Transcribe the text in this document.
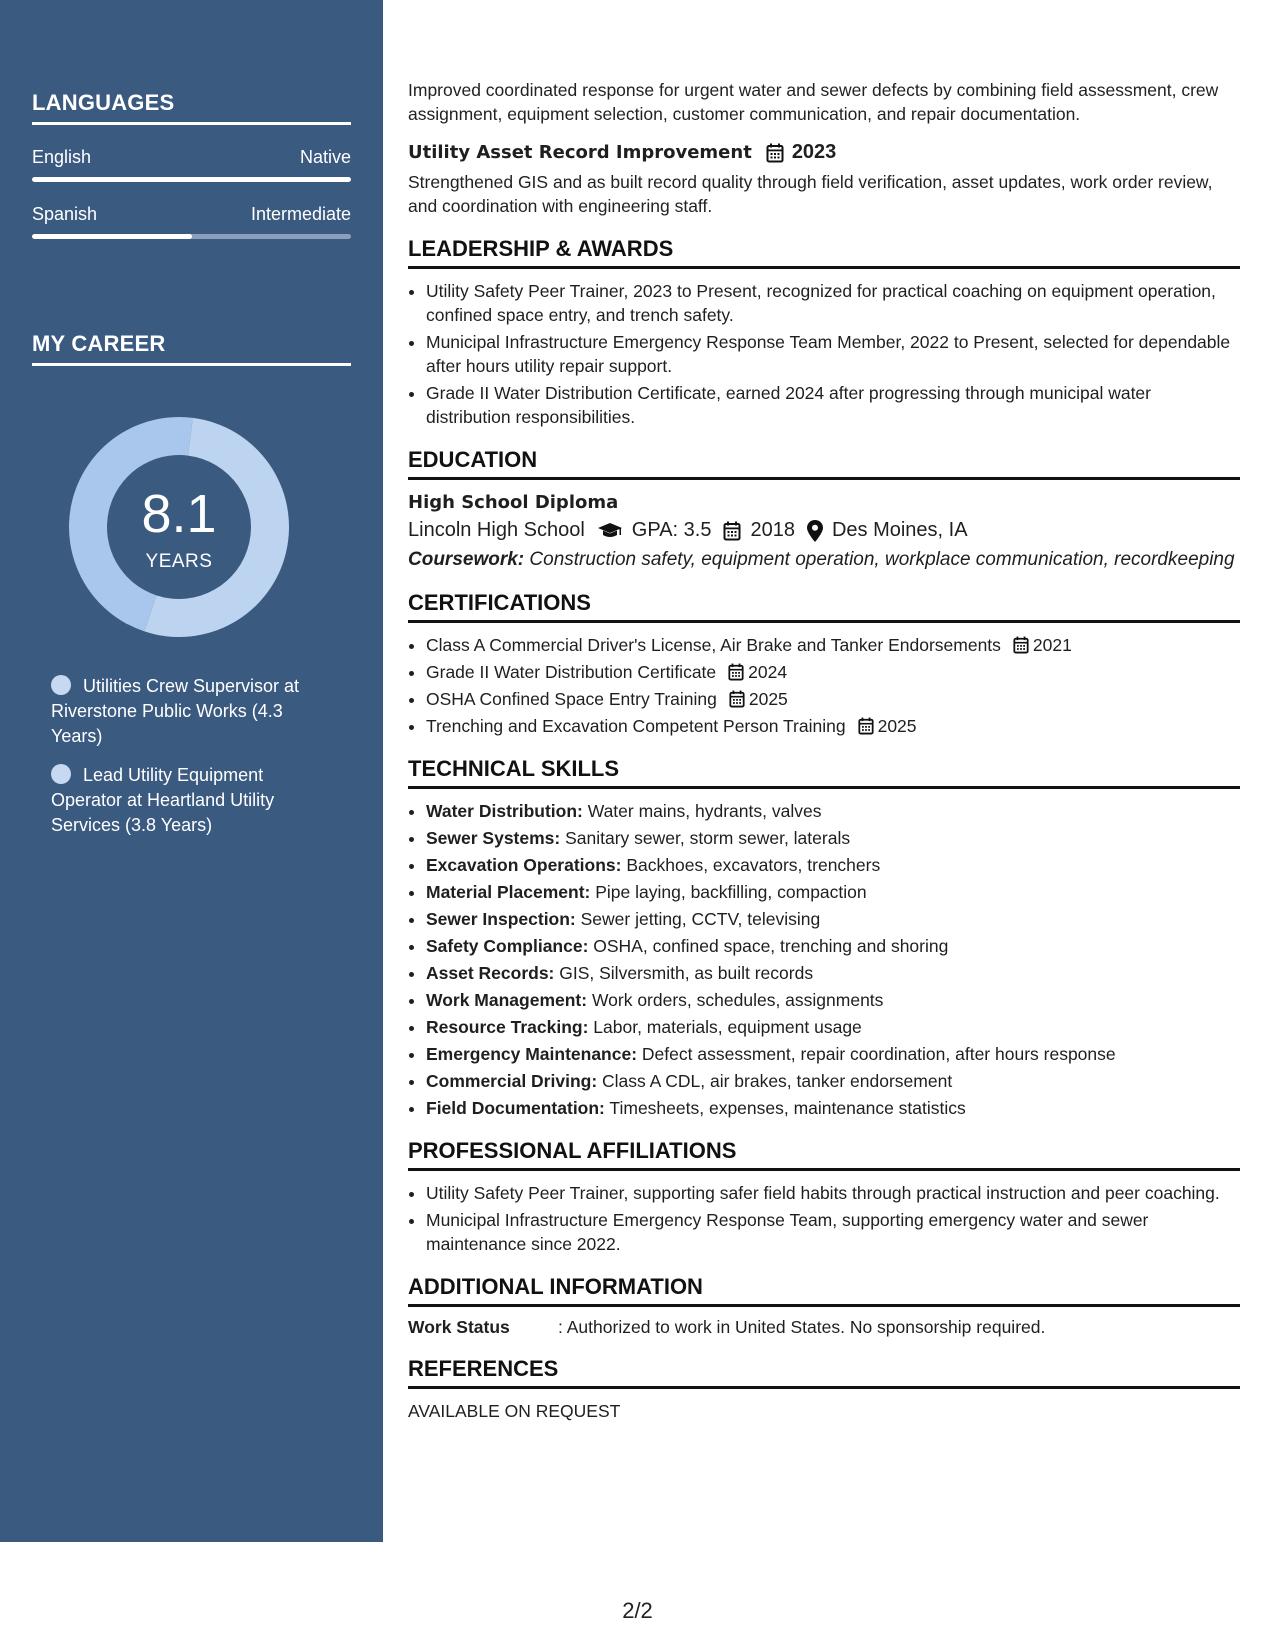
LANGUAGES
English	Native
Spanish	Intermediate
MY CAREER
8.1
YEARS
Utilities Crew Supervisor at Riverstone Public Works (4.3 Years)
Lead Utility Equipment Operator at Heartland Utility Services (3.8 Years)

Improved coordinated response for urgent water and sewer defects by combining field assessment, crew assignment, equipment selection, customer communication, and repair documentation.

Utility Asset Record Improvement 2023

Strengthened GIS and as built record quality through field verification, asset updates, work order review, and coordination with engineering staff.

LEADERSHIP & AWARDS
• Utility Safety Peer Trainer, 2023 to Present, recognized for practical coaching on equipment operation, confined space entry, and trench safety.
• Municipal Infrastructure Emergency Response Team Member, 2022 to Present, selected for dependable after hours utility repair support.
• Grade II Water Distribution Certificate, earned 2024 after progressing through municipal water distribution responsibilities.
EDUCATION
High School Diploma
Lincoln High School GPA: 3.5 2018 Des Moines, IA

Coursework: Construction safety, equipment operation, workplace communication, recordkeeping

CERTIFICATIONS
• Class A Commercial Driver's License, Air Brake and Tanker Endorsements 2021
• Grade II Water Distribution Certificate 2024
• OSHA Confined Space Entry Training 2025
• Trenching and Excavation Competent Person Training 2025
TECHNICAL SKILLS
• Water Distribution: Water mains, hydrants, valves
• Sewer Systems: Sanitary sewer, storm sewer, laterals
• Excavation Operations: Backhoes, excavators, trenchers
• Material Placement: Pipe laying, backfilling, compaction
• Sewer Inspection: Sewer jetting, CCTV, televising
• Safety Compliance: OSHA, confined space, trenching and shoring
• Asset Records: GIS, Silversmith, as built records
• Work Management: Work orders, schedules, assignments
• Resource Tracking: Labor, materials, equipment usage
• Emergency Maintenance: Defect assessment, repair coordination, after hours response
• Commercial Driving: Class A CDL, air brakes, tanker endorsement
• Field Documentation: Timesheets, expenses, maintenance statistics
PROFESSIONAL AFFILIATIONS
• Utility Safety Peer Trainer, supporting safer field habits through practical instruction and peer coaching.
• Municipal Infrastructure Emergency Response Team, supporting emergency water and sewer maintenance since 2022.
ADDITIONAL INFORMATION
Work Status	: Authorized to work in United States. No sponsorship required.
REFERENCES
AVAILABLE ON REQUEST
2/2
